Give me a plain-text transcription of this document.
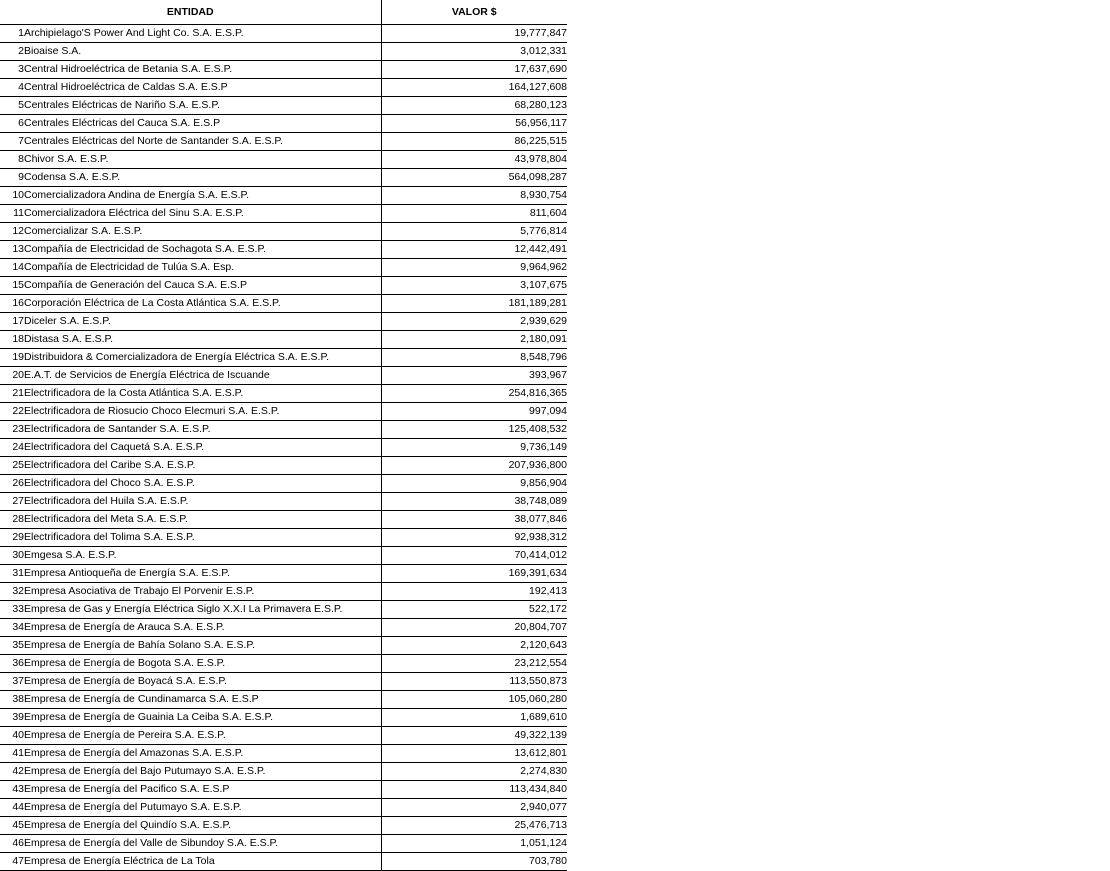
ENTIDAD		VALOR $
1	Archipielago'S Power And Light Co. S.A. E.S.P.	19,777,847
2	Bioaise S.A.	3,012,331
3	Central Hidroeléctrica de Betania S.A. E.S.P.	17,637,690
4	Central Hidroeléctrica de Caldas S.A. E.S.P	164,127,608
5	Centrales Eléctricas de Nariño S.A. E.S.P.	68,280,123
6	Centrales Eléctricas del Cauca S.A. E.S.P	56,956,117
7	Centrales Eléctricas del Norte de Santander S.A. E.S.P.	86,225,515
8	Chivor S.A. E.S.P.	43,978,804
9	Codensa S.A. E.S.P.	564,098,287
10	Comercializadora Andina de Energía S.A. E.S.P.	8,930,754
11	Comercializadora Eléctrica del Sinu S.A. E.S.P.	811,604
12	Comercializar S.A. E.S.P.	5,776,814
13	Compañía de Electricidad de Sochagota S.A. E.S.P.	12,442,491
14	Compañía de Electricidad de Tulúa S.A. Esp.	9,964,962
15	Compañía de Generación del Cauca S.A. E.S.P	3,107,675
16	Corporación Eléctrica de La Costa Atlántica S.A. E.S.P.	181,189,281
17	Diceler S.A. E.S.P.	2,939,629
18	Distasa S.A. E.S.P.	2,180,091
19	Distribuidora & Comercializadora de Energía Eléctrica S.A. E.S.P.	8,548,796
20	E.A.T. de Servicios de Energía Eléctrica de Iscuande	393,967
21	Electrificadora de la Costa Atlántica S.A. E.S.P.	254,816,365
22	Electrificadora de Riosucio Choco Elecmuri S.A. E.S.P.	997,094
23	Electrificadora de Santander S.A. E.S.P.	125,408,532
24	Electrificadora del Caquetá S.A. E.S.P.	9,736,149
25	Electrificadora del Caribe S.A. E.S.P.	207,936,800
26	Electrificadora del Choco S.A. E.S.P.	9,856,904
27	Electrificadora del Huila S.A. E.S.P.	38,748,089
28	Electrificadora del Meta S.A. E.S.P.	38,077,846
29	Electrificadora del Tolima S.A. E.S.P.	92,938,312
30	Emgesa S.A. E.S.P.	70,414,012
31	Empresa Antioqueña de Energía S.A. E.S.P.	169,391,634
32	Empresa Asociativa de Trabajo El Porvenir E.S.P.	192,413
33	Empresa de Gas y Energía Eléctrica Siglo X.X.I La Primavera E.S.P.	522,172
34	Empresa de Energía de Arauca S.A. E.S.P.	20,804,707
35	Empresa de Energía de Bahía Solano S.A. E.S.P.	2,120,643
36	Empresa de Energía de Bogota S.A. E.S.P.	23,212,554
37	Empresa de Energía de Boyacá S.A. E.S.P.	113,550,873
38	Empresa de Energía de Cundinamarca S.A. E.S.P	105,060,280
39	Empresa de Energía de Guainia La Ceiba S.A. E.S.P.	1,689,610
40	Empresa de Energía de Pereira S.A. E.S.P.	49,322,139
41	Empresa de Energía del Amazonas S.A. E.S.P.	13,612,801
42	Empresa de Energía del Bajo Putumayo S.A. E.S.P.	2,274,830
43	Empresa de Energía del Pacifico S.A. E.S.P	113,434,840
44	Empresa de Energía del Putumayo S.A. E.S.P.	2,940,077
45	Empresa de Energía del Quindío S.A. E.S.P.	25,476,713
46	Empresa de Energía del Valle de Sibundoy S.A. E.S.P.	1,051,124
47	Empresa de Energía Eléctrica de La Tola	703,780
